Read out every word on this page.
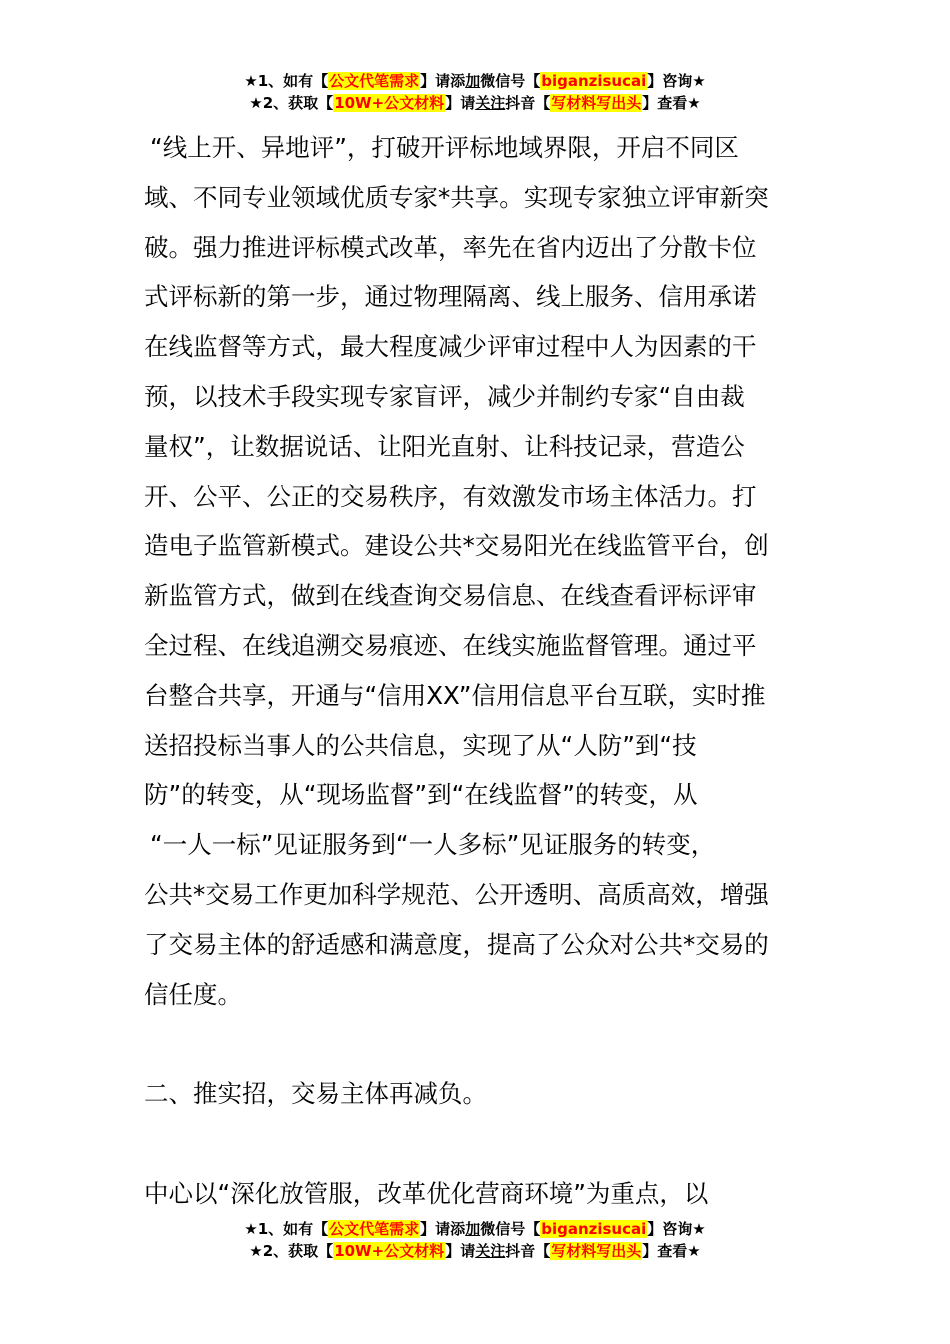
★1、如有【公文代笔需求】请添加微信号【biganzisucai】咨询★
★2、获取【10W+公文材料】请关注抖音【写材料写出头】查看★
“线上开、异地评”，打破开评标地域界限，开启不同区
域、不同专业领域优质专家*共享。实现专家独立评审新突
破。强力推进评标模式改革，率先在省内迈出了分散卡位
式评标新的第一步，通过物理隔离、线上服务、信用承诺
在线监督等方式，最大程度减少评审过程中人为因素的干
预，以技术手段实现专家盲评，减少并制约专家“自由裁
量权”，让数据说话、让阳光直射、让科技记录，营造公
开、公平、公正的交易秩序，有效激发市场主体活力。打
造电子监管新模式。建设公共*交易阳光在线监管平台，创
新监管方式，做到在线查询交易信息、在线查看评标评审
全过程、在线追溯交易痕迹、在线实施监督管理。通过平
台整合共享，开通与“信用XX”信用信息平台互联，实时推
送招投标当事人的公共信息，实现了从“人防”到“技
防”的转变，从“现场监督”到“在线监督”的转变，从
“一人一标”见证服务到“一人多标”见证服务的转变，
公共*交易工作更加科学规范、公开透明、高质高效，增强
了交易主体的舒适感和满意度，提高了公众对公共*交易的
信任度。
二、推实招，交易主体再减负。
中心以“深化放管服，改革优化营商环境”为重点，以
★1、如有【公文代笔需求】请添加微信号【biganzisucai】咨询★
★2、获取【10W+公文材料】请关注抖音【写材料写出头】查看★
